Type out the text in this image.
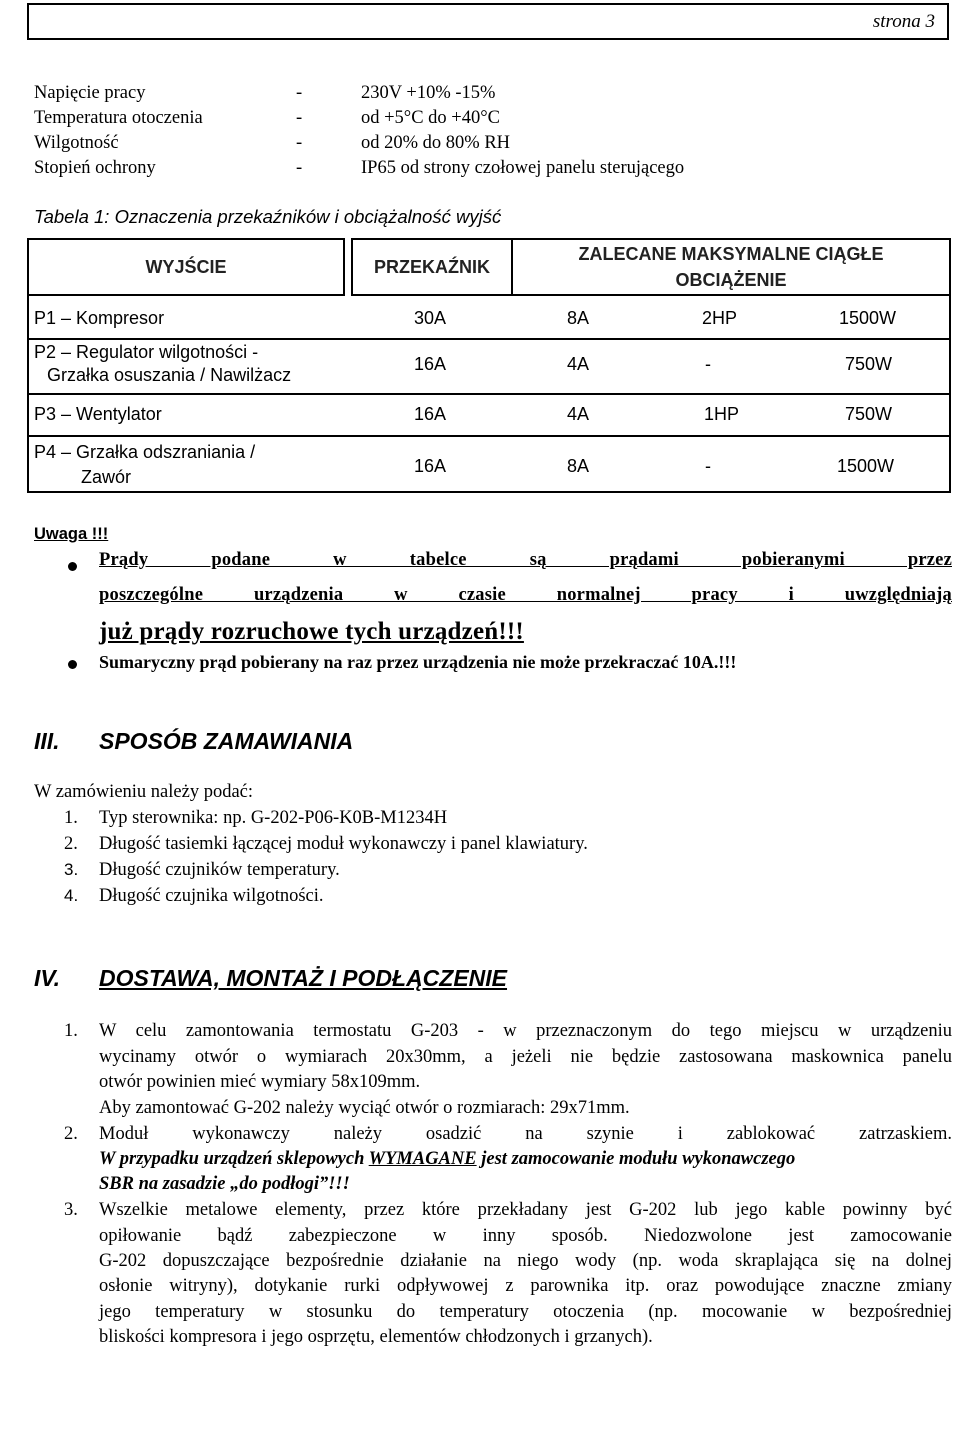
strona 3
Napięcie pracy	-	230V +10% -15%
Temperatura otoczenia	-	od +5°C do +40°C
Wilgotność	-	od 20% do 80% RH
Stopień ochrony	-	IP65 od strony czołowej panelu sterującego
Tabela 1: Oznaczenia przekaźników i obciążalność wyjść
WYJŚCIE	PRZEKAŹNIK
ZALECANE MAKSYMALNE CIĄGŁE
OBCIĄŻENIE
P1 – Kompresor	30A	8A	2HP	1500W
P2 – Regulator wilgotności -
Grzałka osuszania / Nawilżacz
16A	4A	-	750W
P3 – Wentylator	16A	4A	1HP	750W
P4 – Grzałka odszraniania /
Zawór
16A	8A	-	1500W
Uwaga !!!
Prądy podane w tabelce są prądami pobieranymi przez
poszczególne urządzenia w czasie normalnej pracy i uwzględniają
już prądy rozruchowe tych urządzeń!!!
Sumaryczny prąd pobierany na raz przez urządzenia nie może przekraczać 10A.!!!
III. SPOSÓB ZAMAWIANIA
W zamówieniu należy podać:
1. Typ sterownika: np. G-202-P06-K0B-M1234H
2. Długość tasiemki łączącej moduł wykonawczy i panel klawiatury.
3. Długość czujników temperatury.
4. Długość czujnika wilgotności.
IV. DOSTAWA, MONTAŻ I PODŁĄCZENIE
1. W celu zamontowania termostatu G-203 - w przeznaczonym do tego miejscu w urządzeniu
wycinamy otwór o wymiarach 20x30mm, a jeżeli nie będzie zastosowana maskownica panelu
otwór powinien mieć wymiary 58x109mm.
Aby zamontować G-202 należy wyciąć otwór o rozmiarach: 29x71mm.
2. Moduł wykonawczy należy osadzić na szynie i zablokować zatrzaskiem.
W przypadku urządzeń sklepowych WYMAGANE jest zamocowanie modułu wykonawczego
SBR na zasadzie „do podłogi”!!!
3. Wszelkie metalowe elementy, przez które przekładany jest G-202 lub jego kable powinny być
opiłowanie bądź zabezpieczone w inny sposób. Niedozwolone jest zamocowanie
G-202 dopuszczające bezpośrednie działanie na niego wody (np. woda skraplająca się na dolnej
osłonie witryny), dotykanie rurki odpływowej z parownika itp. oraz powodujące znaczne zmiany
jego temperatury w stosunku do temperatury otoczenia (np. mocowanie w bezpośredniej
bliskości kompresora i jego osprzętu, elementów chłodzonych i grzanych).
